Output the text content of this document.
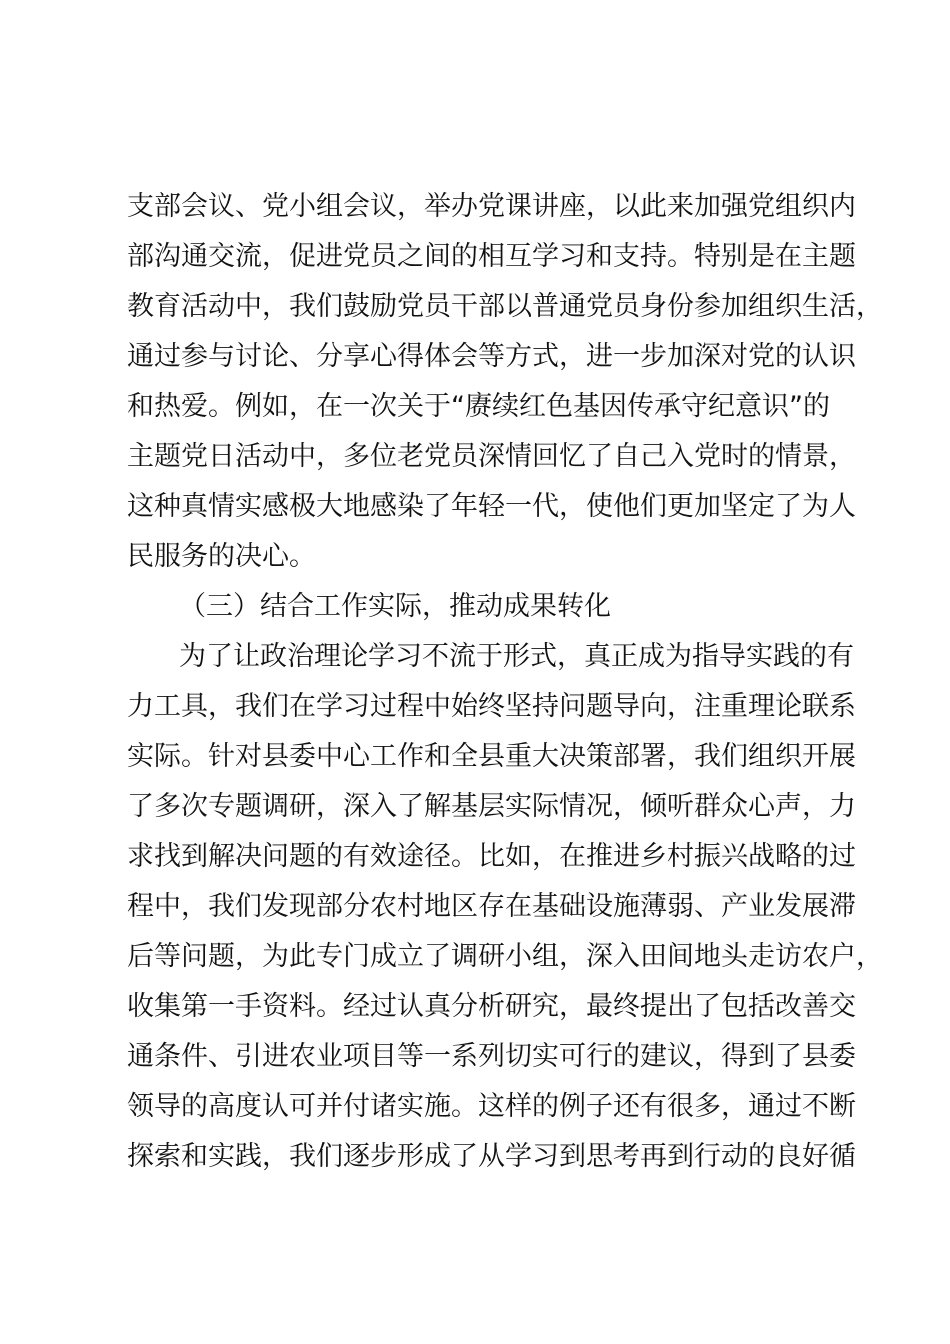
支部会议、党小组会议，举办党课讲座，以此来加强党组织内
部沟通交流，促进党员之间的相互学习和支持。特别是在主题
教育活动中，我们鼓励党员干部以普通党员身份参加组织生活，
通过参与讨论、分享心得体会等方式，进一步加深对党的认识
和热爱。例如，在一次关于“赓续红色基因传承守纪意识”的
主题党日活动中，多位老党员深情回忆了自己入党时的情景，
这种真情实感极大地感染了年轻一代，使他们更加坚定了为人
民服务的决心。
（三）结合工作实际，推动成果转化
为了让政治理论学习不流于形式，真正成为指导实践的有
力工具，我们在学习过程中始终坚持问题导向，注重理论联系
实际。针对县委中心工作和全县重大决策部署，我们组织开展
了多次专题调研，深入了解基层实际情况，倾听群众心声，力
求找到解决问题的有效途径。比如，在推进乡村振兴战略的过
程中，我们发现部分农村地区存在基础设施薄弱、产业发展滞
后等问题，为此专门成立了调研小组，深入田间地头走访农户，
收集第一手资料。经过认真分析研究，最终提出了包括改善交
通条件、引进农业项目等一系列切实可行的建议，得到了县委
领导的高度认可并付诸实施。这样的例子还有很多，通过不断
探索和实践，我们逐步形成了从学习到思考再到行动的良好循
